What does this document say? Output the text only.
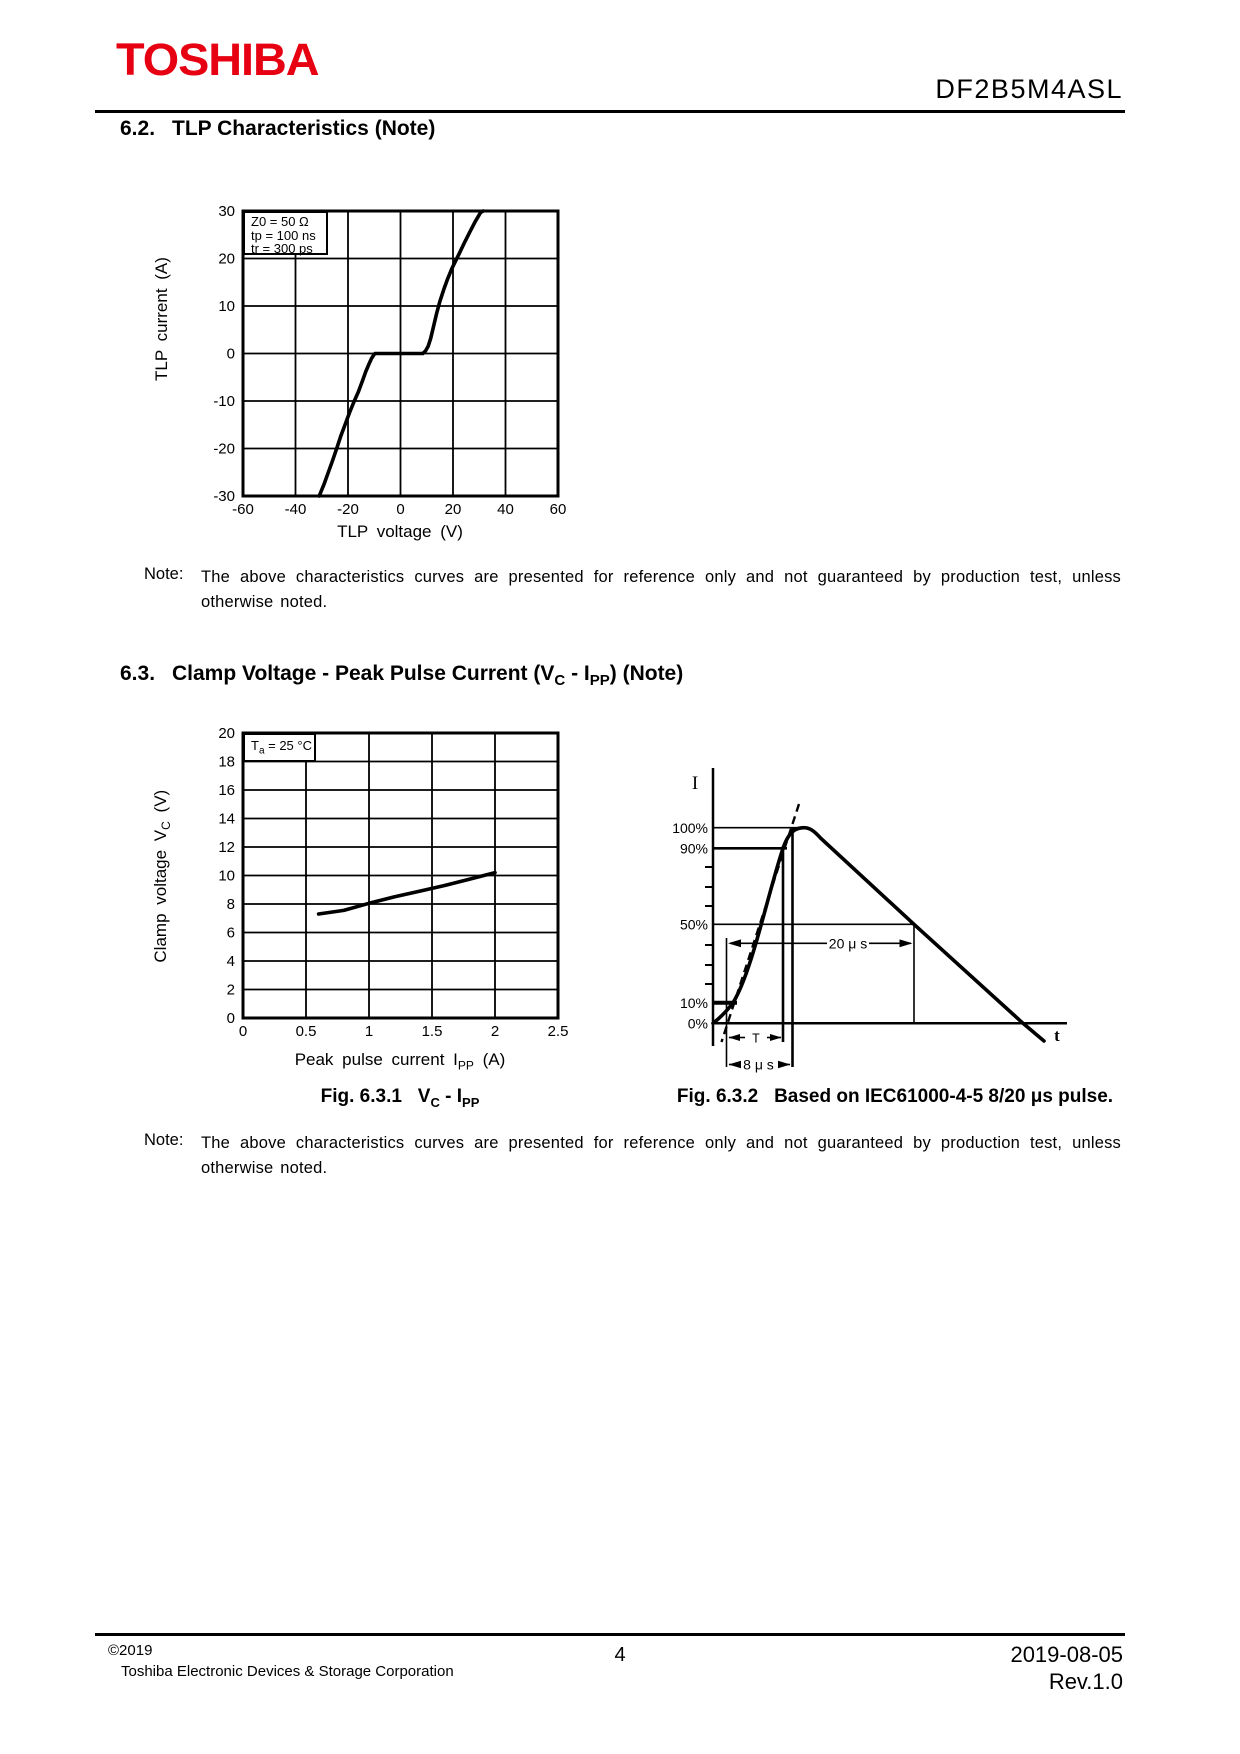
TOSHIBA
DF2B5M4ASL
6.2. TLP Characteristics (Note)
-60 -40 -20 0	20 40 60
30
20
10
0
-10
-20
-30
Z0 = 50 Ω
tp = 100 ns
tr = 300 ps
TLP current (A)
TLP voltage (V)
Note: The above characteristics curves are presented for reference only and not guaranteed by production test, unless otherwise noted.
6.3. Clamp Voltage - Peak Pulse Current $(V_C - I_{PP})$ (Note)
0	0.5	1	1.5	2	2.5
20
18
16
14
12
10
8
6
4
2
0
$T_a = 25$ °C
Clamp voltage $V_C$ (V)
Peak pulse current $I_{PP}$ (A)
20 μ s
T
8 μ s
100%
90%
50%
10%
0%
I
t
Fig. 6.3.1 $V_C - I_{PP}$	Fig. 6.3.2 Based on IEC61000-4-5 8/20 μs pulse.
Note: The above characteristics curves are presented for reference only and not guaranteed by production test, unless otherwise noted.
©2019
Toshiba Electronic Devices & Storage Corporation
4	2019-08-05
Rev.1.0
